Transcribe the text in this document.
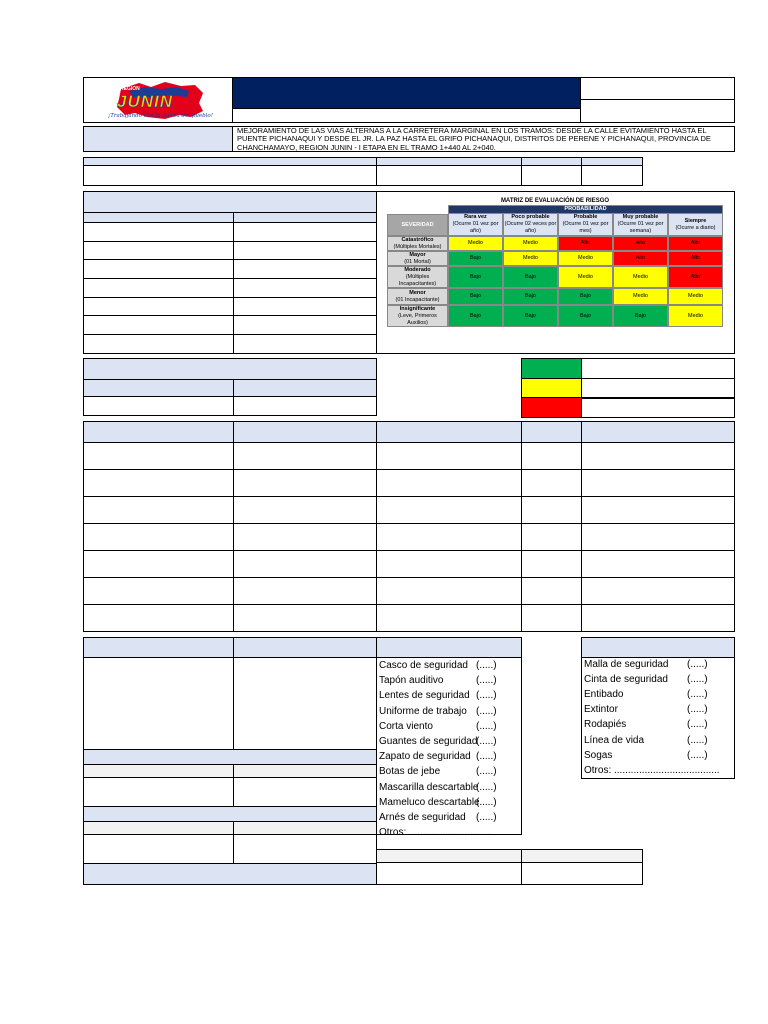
REGION
JUNIN
¡Trabajando con la fuerza del pueblo!
MEJORAMIENTO DE LAS VIAS ALTERNAS A LA CARRETERA MARGINAL EN LOS TRAMOS: DESDE LA CALLE EVITAMIENTO HASTA EL PUENTE PICHANAQUI Y DESDE EL JR. LA PAZ HASTA EL GRIFO PICHANAQUI, DISTRITOS DE PERENE Y PICHANAQUI, PROVINCIA DE CHANCHAMAYO, REGION JUNIN - I ETAPA EN EL TRAMO 1+440 AL 2+040.
MATRIZ DE EVALUACIÓN DE RIESGO
PROBABILIDAD
SEVERIDAD
Rara vez
(Ocurre 01 vez por año)
Poco probable
(Ocurre 02 veces por año)
Probable
(Ocurre 01 vez por mes)
Muy probable
(Ocurre 01 vez por semana)
Siempre
(Ocurre a diario)
Catastrófico
(Múltiples Mortales)
Medio	Medio	Alto	Alto	Alto
Mayor
(01 Mortal)
Bajo	Medio	Medio	Alto	Alto
Moderado
(Múltiples Incapacitantes)
Bajo	Bajo	Medio	Medio	Alto
Menor
(01 Incapacitante)
Bajo	Bajo	Bajo	Medio	Medio
Insignificante
(Leve, Primeros Auxilios)
Bajo	Bajo	Bajo	Bajo	Medio
Casco de seguridad (.....)
Tapón auditivo	(.....)
Lentes de seguridad (.....)
Uniforme de trabajo (.....)
Corta viento	(.....)
Guantes de seguridad
(.....)
Zapato de seguridad (.....)
Botas de jebe	(.....)
Mascarilla descartable
(.....)
Mameluco descartable
(.....)
Arnés de seguridad (.....)
Otros: ..............................
Malla de seguridad (.....)
Cinta de seguridad (.....)
Entibado	(.....)
Extintor	(.....)
Rodapiés	(.....)
Línea de vida	(.....)
Sogas	(.....)
Otros: ......................................
